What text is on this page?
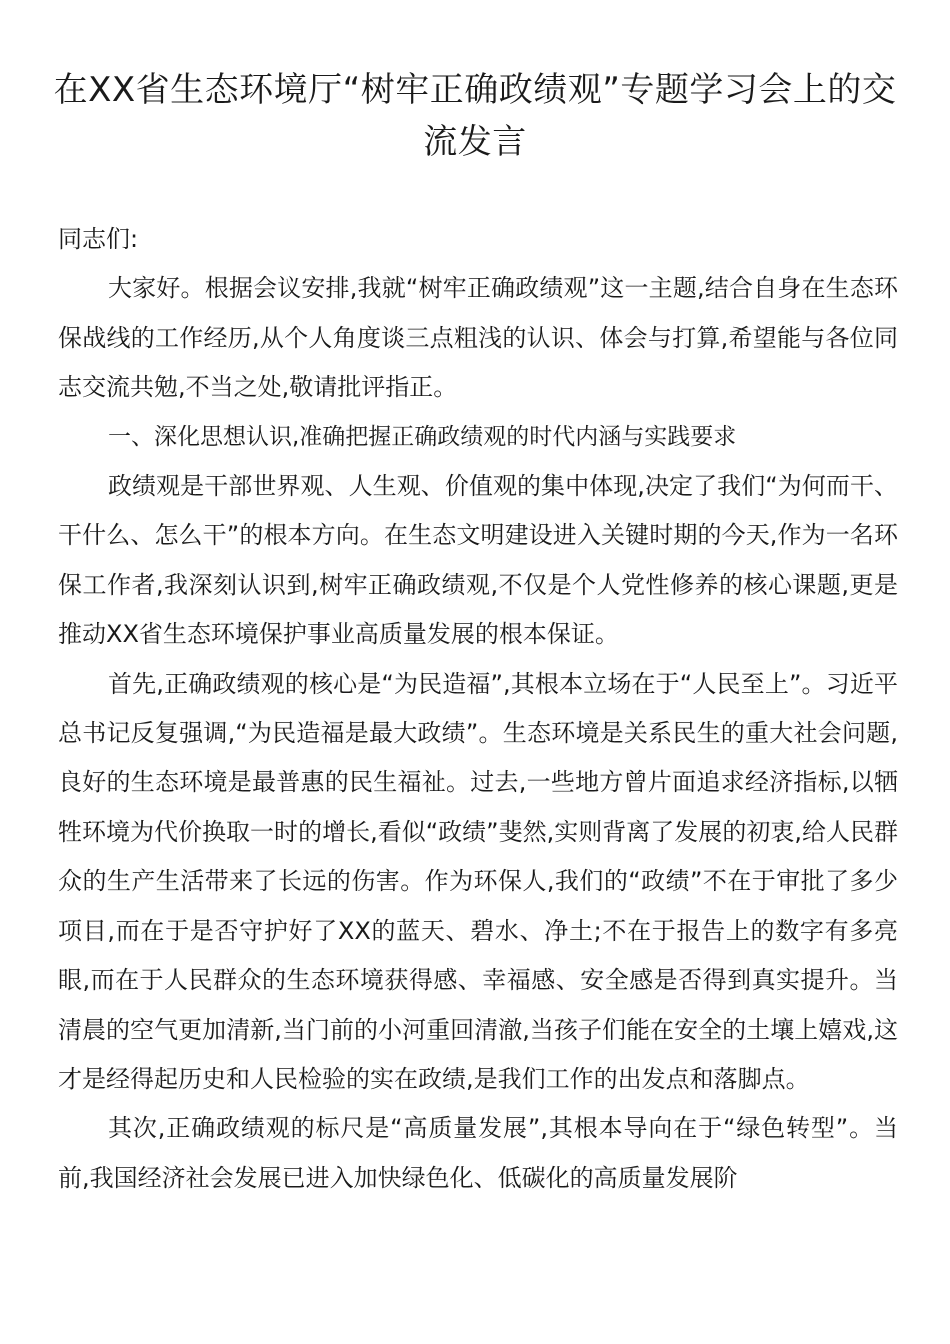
在XX省生态环境厅“树牢正确政绩观”专题学习会上的交流发言

同志们:

大家好。根据会议安排,我就“树牢正确政绩观”这一主题,结合自身在生态环保战线的工作经历,从个人角度谈三点粗浅的认识、体会与打算,希望能与各位同志交流共勉,不当之处,敬请批评指正。

一、深化思想认识,准确把握正确政绩观的时代内涵与实践要求

政绩观是干部世界观、人生观、价值观的集中体现,决定了我们“为何而干、干什么、怎么干”的根本方向。在生态文明建设进入关键时期的今天,作为一名环保工作者,我深刻认识到,树牢正确政绩观,不仅是个人党性修养的核心课题,更是推动XX省生态环境保护事业高质量发展的根本保证。

首先,正确政绩观的核心是“为民造福”,其根本立场在于“人民至上”。习近平总书记反复强调,“为民造福是最大政绩”。生态环境是关系民生的重大社会问题,良好的生态环境是最普惠的民生福祉。过去,一些地方曾片面追求经济指标,以牺牲环境为代价换取一时的增长,看似“政绩”斐然,实则背离了发展的初衷,给人民群众的生产生活带来了长远的伤害。作为环保人,我们的“政绩”不在于审批了多少项目,而在于是否守护好了XX的蓝天、碧水、净土;不在于报告上的数字有多亮眼,而在于人民群众的生态环境获得感、幸福感、安全感是否得到真实提升。当清晨的空气更加清新,当门前的小河重回清澈,当孩子们能在安全的土壤上嬉戏,这才是经得起历史和人民检验的实在政绩,是我们工作的出发点和落脚点。

其次,正确政绩观的标尺是“高质量发展”,其根本导向在于“绿色转型”。当前,我国经济社会发展已进入加快绿色化、低碳化的高质量发展阶
